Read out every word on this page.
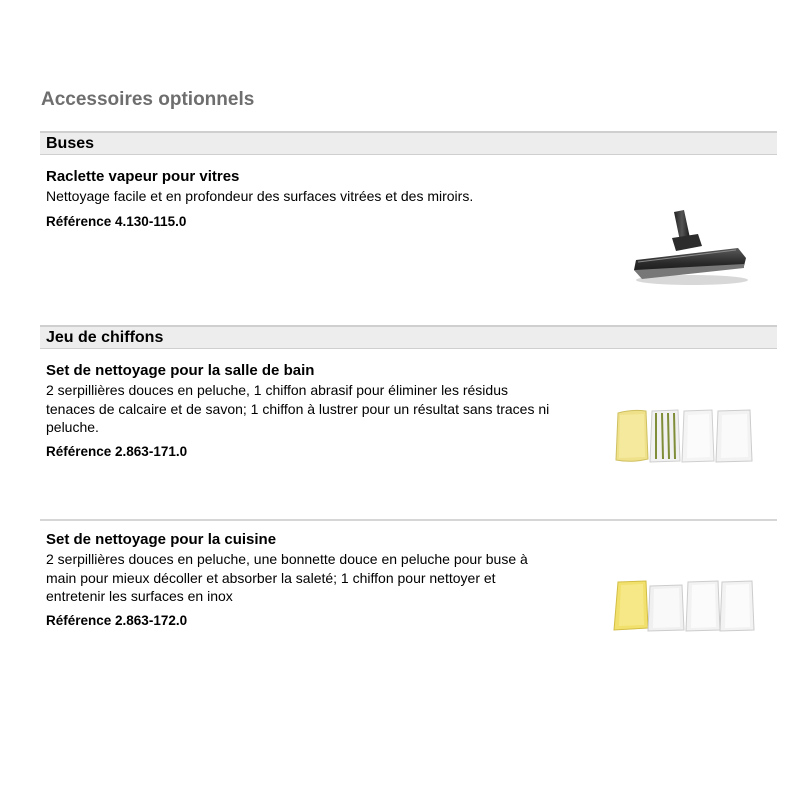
Accessoires optionnels
Buses

Raclette vapeur pour vitres

Nettoyage facile et en profondeur des surfaces vitrées et des miroirs.

Référence 4.130-115.0

Jeu de chiffons

Set de nettoyage pour la salle de bain

2 serpillières douces en peluche, 1 chiffon abrasif pour éliminer les résidus

tenaces de calcaire et de savon; 1 chiffon à lustrer pour un résultat sans traces ni

peluche.

Référence 2.863-171.0

Set de nettoyage pour la cuisine

2 serpillières douces en peluche, une bonnette douce en peluche pour buse à

main pour mieux décoller et absorber la saleté; 1 chiffon pour nettoyer et

entretenir les surfaces en inox

Référence 2.863-172.0
